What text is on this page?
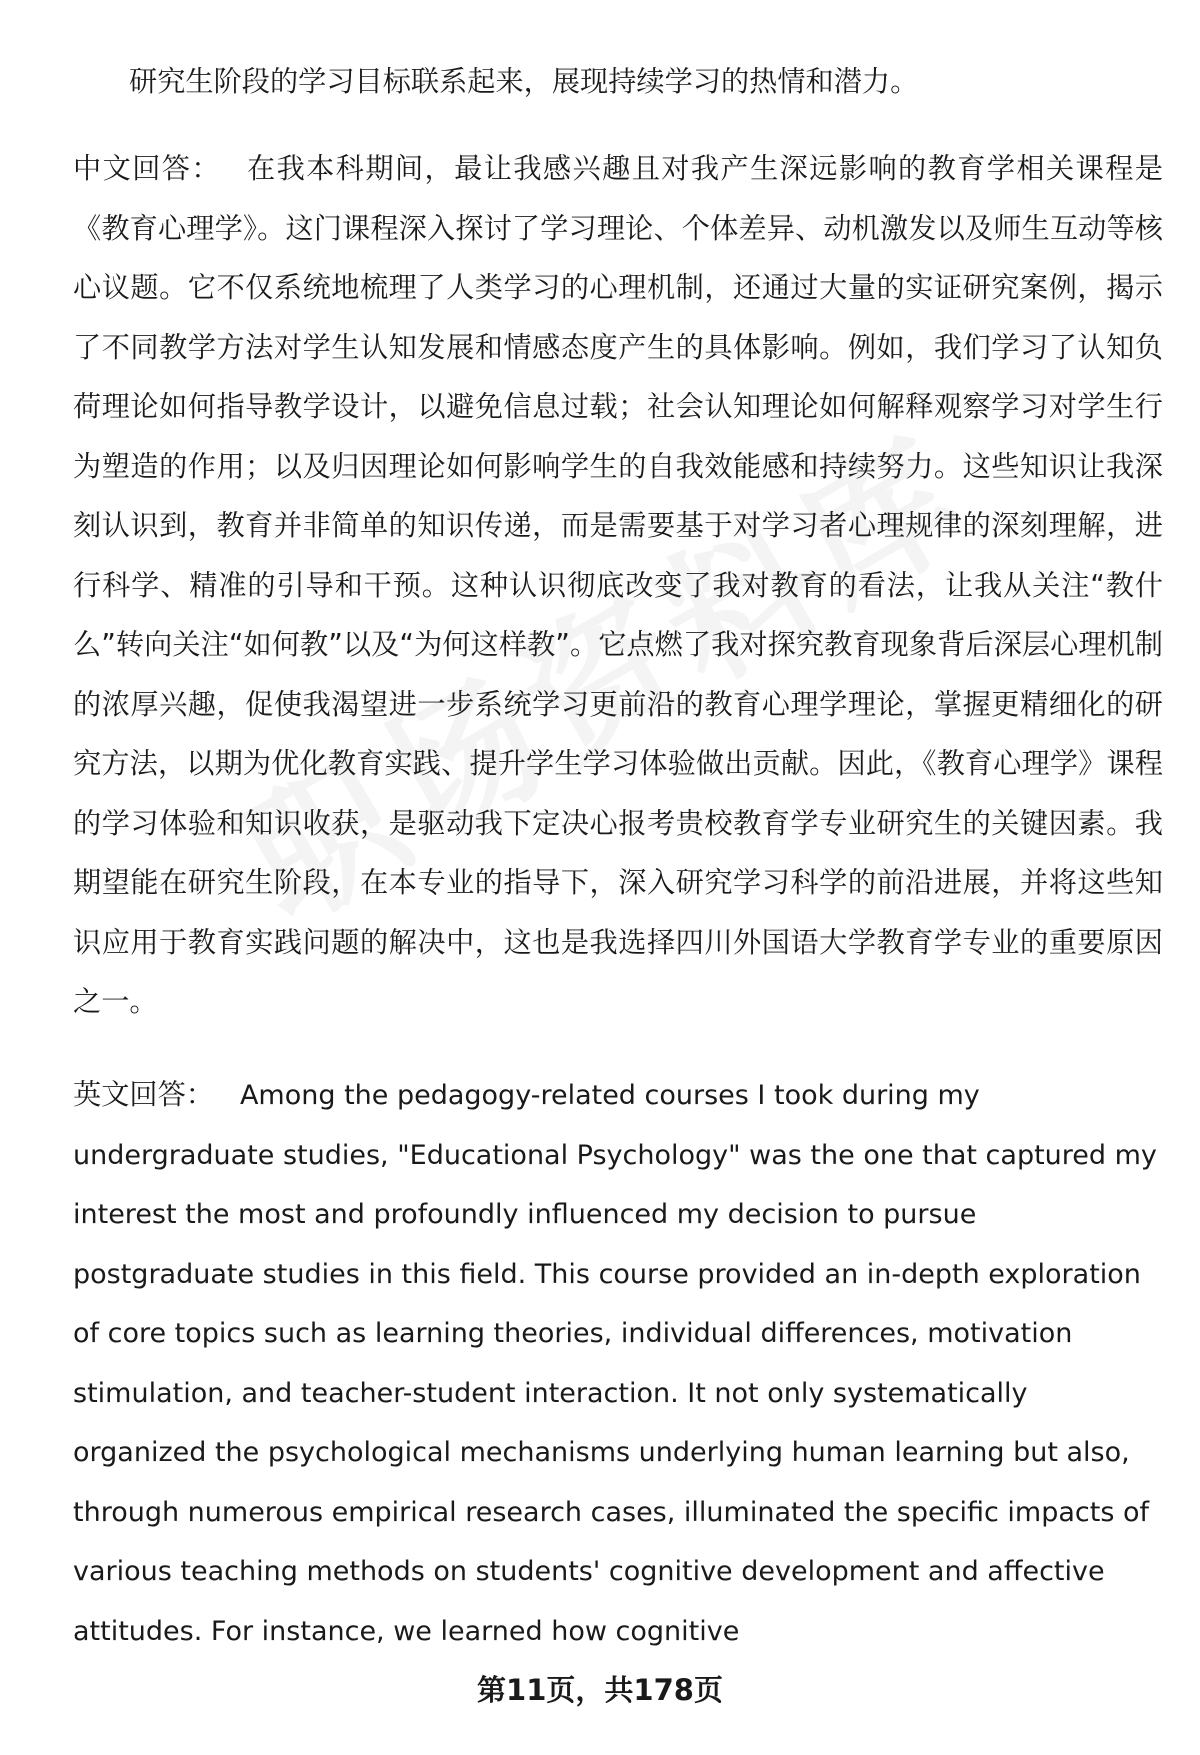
研究生阶段的学习目标联系起来，展现持续学习的热情和潜力。

中文回答： 在我本科期间，最让我感兴趣且对我产生深远影响的教育学相关课程是《教育心理学》。这门课程深入探讨了学习理论、个体差异、动机激发以及师生互动等核心议题。它不仅系统地梳理了人类学习的心理机制，还通过大量的实证研究案例，揭示了不同教学方法对学生认知发展和情感态度产生的具体影响。例如，我们学习了认知负荷理论如何指导教学设计，以避免信息过载；社会认知理论如何解释观察学习对学生行为塑造的作用；以及归因理论如何影响学生的自我效能感和持续努力。这些知识让我深刻认识到，教育并非简单的知识传递，而是需要基于对学习者心理规律的深刻理解，进行科学、精准的引导和干预。这种认识彻底改变了我对教育的看法，让我从关注“教什么”转向关注“如何教”以及“为何这样教”。它点燃了我对探究教育现象背后深层心理机制的浓厚兴趣，促使我渴望进一步系统学习更前沿的教育心理学理论，掌握更精细化的研究方法，以期为优化教育实践、提升学生学习体验做出贡献。因此，《教育心理学》课程的学习体验和知识收获，是驱动我下定决心报考贵校教育学专业研究生的关键因素。我期望能在研究生阶段，在本专业的指导下，深入研究学习科学的前沿进展，并将这些知识应用于教育实践问题的解决中，这也是我选择四川外国语大学教育学专业的重要原因之一。

英文回答： Among the pedagogy-related courses I took during my undergraduate studies, "Educational Psychology" was the one that captured my interest the most and profoundly influenced my decision to pursue postgraduate studies in this field. This course provided an in-depth exploration of core topics such as learning theories, individual differences, motivation stimulation, and teacher-student interaction. It not only systematically organized the psychological mechanisms underlying human learning but also, through numerous empirical research cases, illuminated the specific impacts of various teaching methods on students' cognitive development and affective attitudes. For instance, we learned how cognitive

第11页，共178页
